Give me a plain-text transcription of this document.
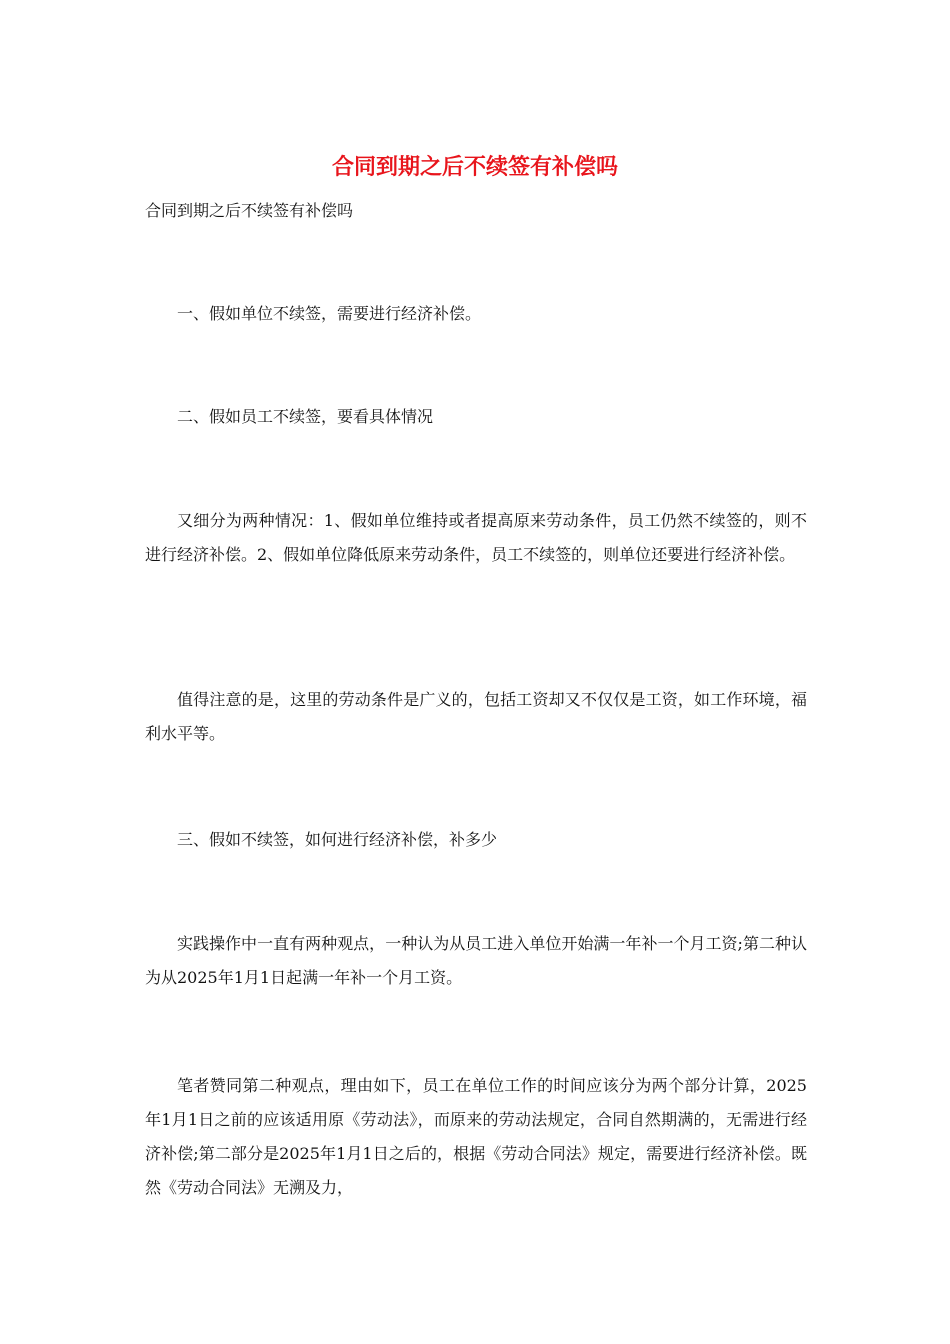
合同到期之后不续签有补偿吗

合同到期之后不续签有补偿吗

一、假如单位不续签，需要进行经济补偿。

二、假如员工不续签，要看具体情况

又细分为两种情况：1、假如单位维持或者提高原来劳动条件，员工仍然不续签的，则不进行经济补偿。2、假如单位降低原来劳动条件，员工不续签的，则单位还要进行经济补偿。

值得注意的是，这里的劳动条件是广义的，包括工资却又不仅仅是工资，如工作环境，福利水平等。

三、假如不续签，如何进行经济补偿，补多少

实践操作中一直有两种观点，一种认为从员工进入单位开始满一年补一个月工资;第二种认为从2025年1月1日起满一年补一个月工资。

笔者赞同第二种观点，理由如下，员工在单位工作的时间应该分为两个部分计算，2025年1月1日之前的应该适用原《劳动法》，而原来的劳动法规定，合同自然期满的，无需进行经济补偿;第二部分是2025年1月1日之后的，根据《劳动合同法》规定，需要进行经济补偿。既然《劳动合同法》无溯及力，
